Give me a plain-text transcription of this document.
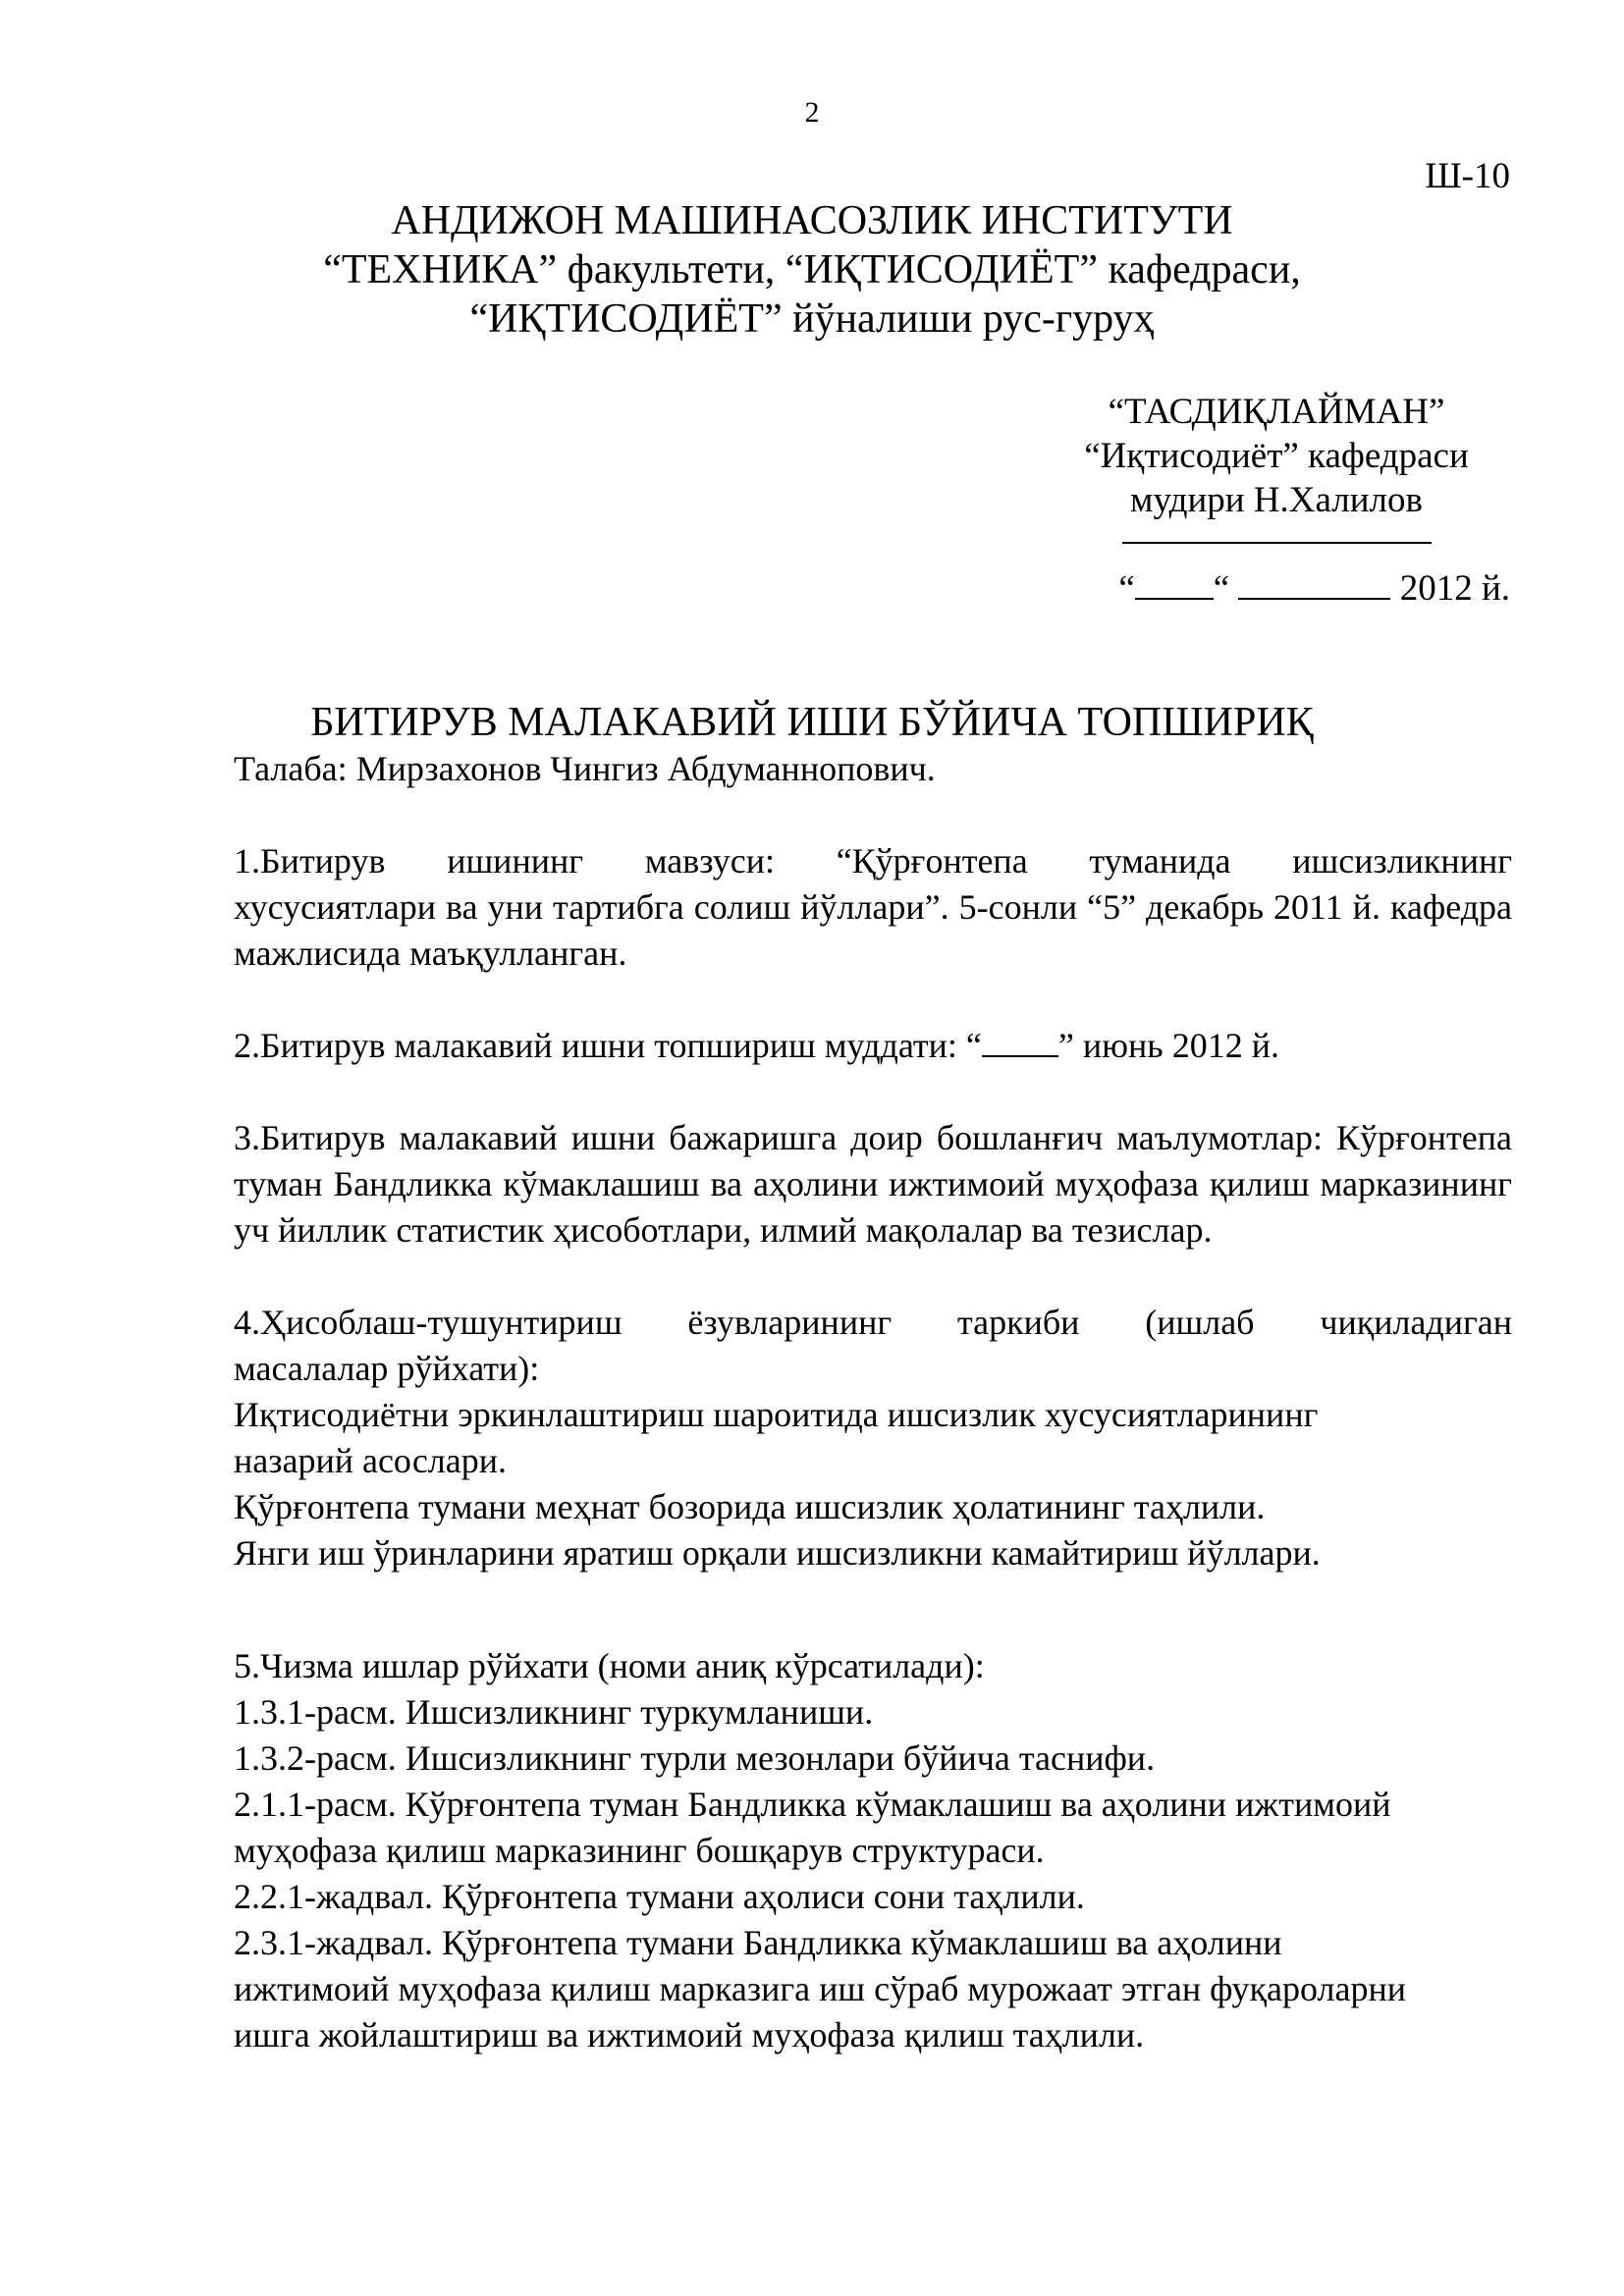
2
Ш-10
АНДИЖОН МАШИНАСОЗЛИК ИНСТИТУТИ
“ТЕХНИКА” факультети, “ИҚТИСОДИЁТ” кафедраси,
“ИҚТИСОДИЁТ” йўналиши рус-гуруҳ
“ТАСДИҚЛАЙМАН”
“Иқтисодиёт” кафедраси
мудири Н.Халилов
“ “	2012 й.
БИТИРУВ МАЛАКАВИЙ ИШИ БЎЙИЧА ТОПШИРИҚ

Талаба: Мирзахонов Чингиз Абдуманнопович.

1.Битирув ишининг мавзуси: “Қўрғонтепа туманида ишсизликнинг

хусусиятлари ва уни тартибга солиш йўллари”. 5-сонли “5” декабрь 2011 й. кафедра мажлисида маъқулланган.

2.Битирув малакавий ишни топшириш муддати: “ ” июнь 2012 й.

3.Битирув малакавий ишни бажаришга доир бошланғич маълумотлар: Кўрғонтепа туман Бандликка кўмаклашиш ва аҳолини ижтимоий муҳофаза қилиш марказининг уч йиллик статистик ҳисоботлари, илмий мақолалар ва тезислар.

4.Ҳисоблаш-тушунтириш ёзувларининг таркиби (ишлаб чиқиладиган

масалалар рўйхати):

Иқтисодиётни эркинлаштириш шароитида ишсизлик хусусиятларининг

назарий асослари.

Қўрғонтепа тумани меҳнат бозорида ишсизлик ҳолатининг таҳлили.

Янги иш ўринларини яратиш орқали ишсизликни камайтириш йўллари.

5.Чизма ишлар рўйхати (номи аниқ кўрсатилади):

1.3.1-расм. Ишсизликнинг туркумланиши.

1.3.2-расм. Ишсизликнинг турли мезонлари бўйича таснифи.

2.1.1-расм. Кўрғонтепа туман Бандликка кўмаклашиш ва аҳолини ижтимоий

муҳофаза қилиш марказининг бошқарув структураси.

2.2.1-жадвал. Қўрғонтепа тумани аҳолиси сони таҳлили.

2.3.1-жадвал. Қўрғонтепа тумани Бандликка кўмаклашиш ва аҳолини

ижтимоий муҳофаза қилиш марказига иш сўраб мурожаат этган фуқароларни

ишга жойлаштириш ва ижтимоий муҳофаза қилиш таҳлили.
